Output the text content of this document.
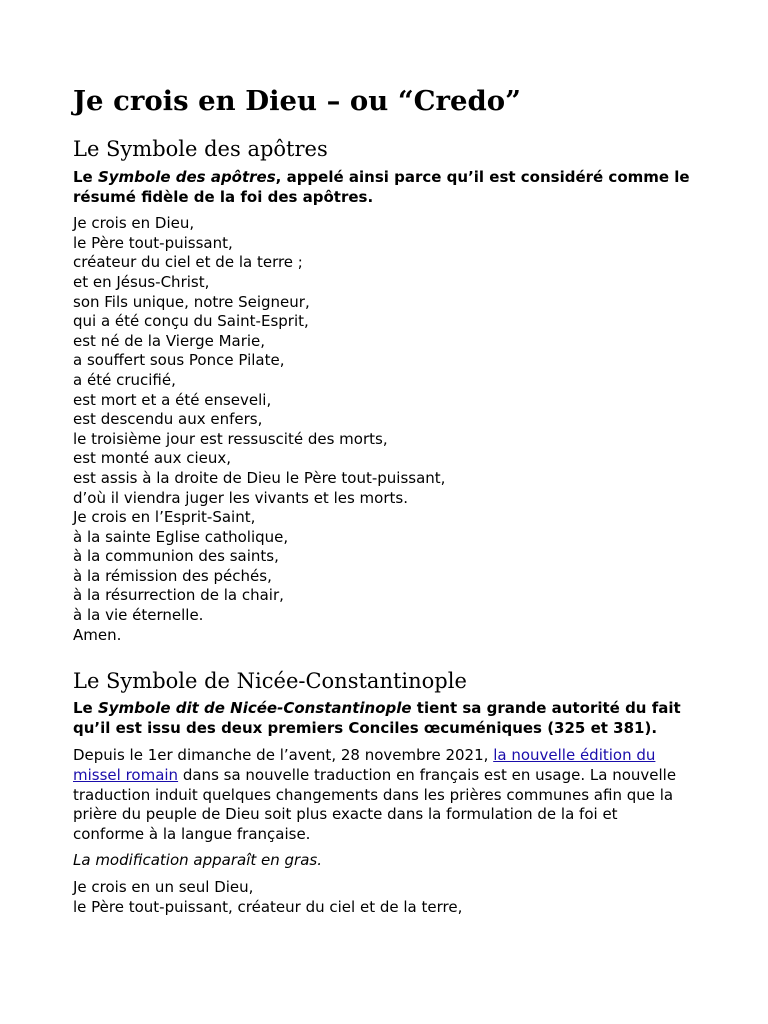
Je crois en Dieu – ou “Credo”
Le Symbole des apôtres

Le Symbole des apôtres, appelé ainsi parce qu’il est considéré comme le résumé fidèle de la foi des apôtres.

Je crois en Dieu,
le Père tout-puissant,
créateur du ciel et de la terre ;
et en Jésus-Christ,
son Fils unique, notre Seigneur,
qui a été conçu du Saint-Esprit,
est né de la Vierge Marie,
a souffert sous Ponce Pilate,
a été crucifié,
est mort et a été enseveli,
est descendu aux enfers,
le troisième jour est ressuscité des morts,
est monté aux cieux,
est assis à la droite de Dieu le Père tout-puissant,
d’où il viendra juger les vivants et les morts.
Je crois en l’Esprit-Saint,
à la sainte Eglise catholique,
à la communion des saints,
à la rémission des péchés,
à la résurrection de la chair,
à la vie éternelle.
Amen.

Le Symbole de Nicée-Constantinople

Le Symbole dit de Nicée-Constantinople tient sa grande autorité du fait qu’il est issu des deux premiers Conciles œcuméniques (325 et 381).

Depuis le 1er dimanche de l’avent, 28 novembre 2021, la nouvelle édition du missel romain dans sa nouvelle traduction en français est en usage. La nouvelle traduction induit quelques changements dans les prières communes afin que la prière du peuple de Dieu soit plus exacte dans la formulation de la foi et conforme à la langue française.

La modification apparaît en gras.

Je crois en un seul Dieu,
le Père tout-puissant, créateur du ciel et de la terre,
